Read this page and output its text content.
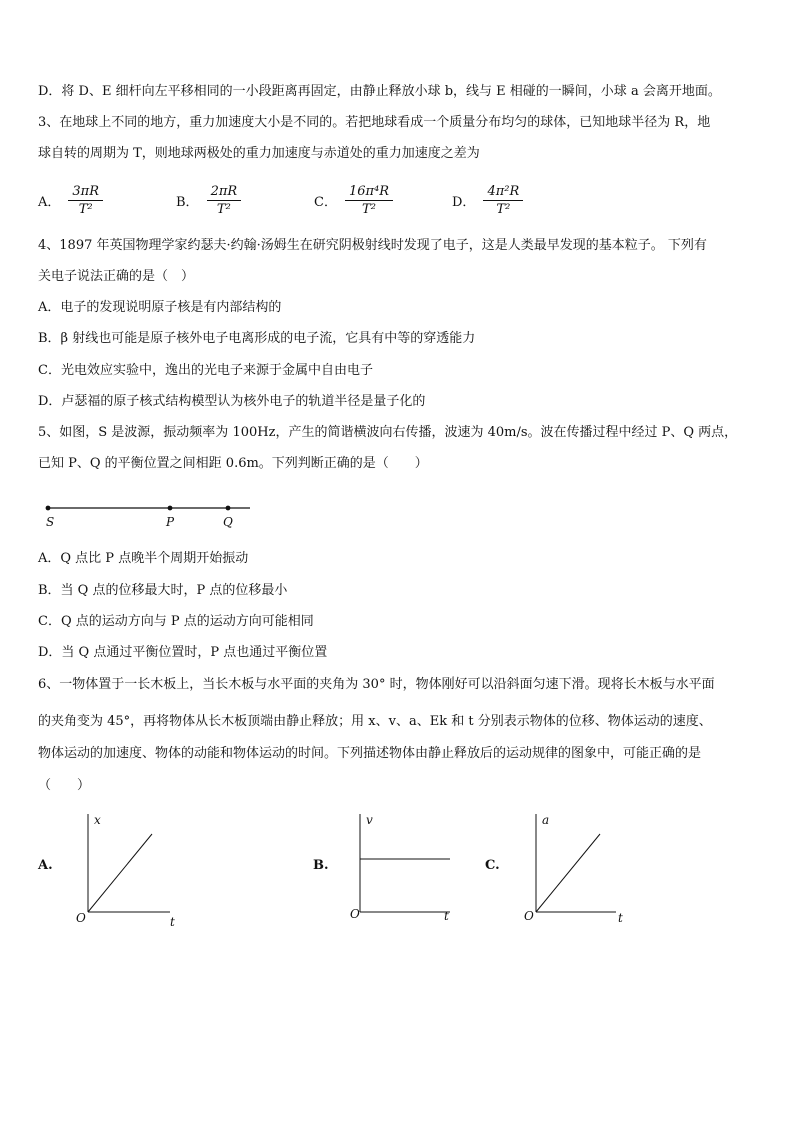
D．将 D、E 细杆向左平移相同的一小段距离再固定，由静止释放小球 b，线与 E 相碰的一瞬间，小球 a 会离开地面。
3、在地球上不同的地方，重力加速度大小是不同的。若把地球看成一个质量分布均匀的球体，已知地球半径为 R，地
球自转的周期为 T，则地球两极处的重力加速度与赤道处的重力加速度之差为
A． $\frac{3\pi R}{\text{T²}}$	B． $\frac{2\pi R}{\text{T²}}$	C． $\frac{\text{16π⁴R}}{\text{T²}}$	D． $\frac{\text{4π²R}}{\text{T²}}$
4、1897 年英国物理学家约瑟夫·约翰·汤姆生在研究阴极射线时发现了电子，这是人类最早发现的基本粒子。 下列有
关电子说法正确的是（　）
A．电子的发现说明原子核是有内部结构的
B．β 射线也可能是原子核外电子电离形成的电子流，它具有中等的穿透能力
C．光电效应实验中，逸出的光电子来源于金属中自由电子
D．卢瑟福的原子核式结构模型认为核外电子的轨道半径是量子化的
5、如图，S 是波源，振动频率为 100Hz，产生的简谐横波向右传播，波速为 40m/s。波在传播过程中经过 P、Q 两点，
已知 P、Q 的平衡位置之间相距 0.6m。下列判断正确的是（　　）
S	P	Q
A．Q 点比 P 点晚半个周期开始振动
B．当 Q 点的位移最大时，P 点的位移最小
C．Q 点的运动方向与 P 点的运动方向可能相同
D．当 Q 点通过平衡位置时，P 点也通过平衡位置
6、一物体置于一长木板上，当长木板与水平面的夹角为 30° 时，物体刚好可以沿斜面匀速下滑。现将长木板与水平面
的夹角变为 45°，再将物体从长木板顶端由静止释放；用 x、v、a、Ek 和 t 分别表示物体的位移、物体运动的速度、
物体运动的加速度、物体的动能和物体运动的时间。下列描述物体由静止释放后的运动规律的图象中，可能正确的是
（　　）
A.
x
t
O
B.
v
t
O
C.
a
t
O
